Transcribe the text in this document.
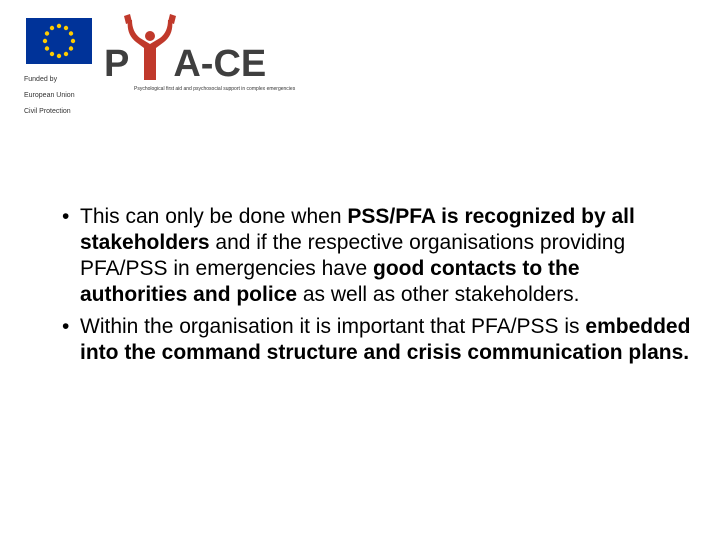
Funded by

European Union

Civil Protection

P A-CE
Psychological first aid and psychosocial support in complex emergencies
• This can only be done when PSS/PFA is recognized by all stakeholders and if the respective organisations providing PFA/PSS in emergencies have good contacts to the authorities and police as well as other stakeholders.
• Within the organisation it is important that PFA/PSS is embedded into the command structure and crisis communication plans.
